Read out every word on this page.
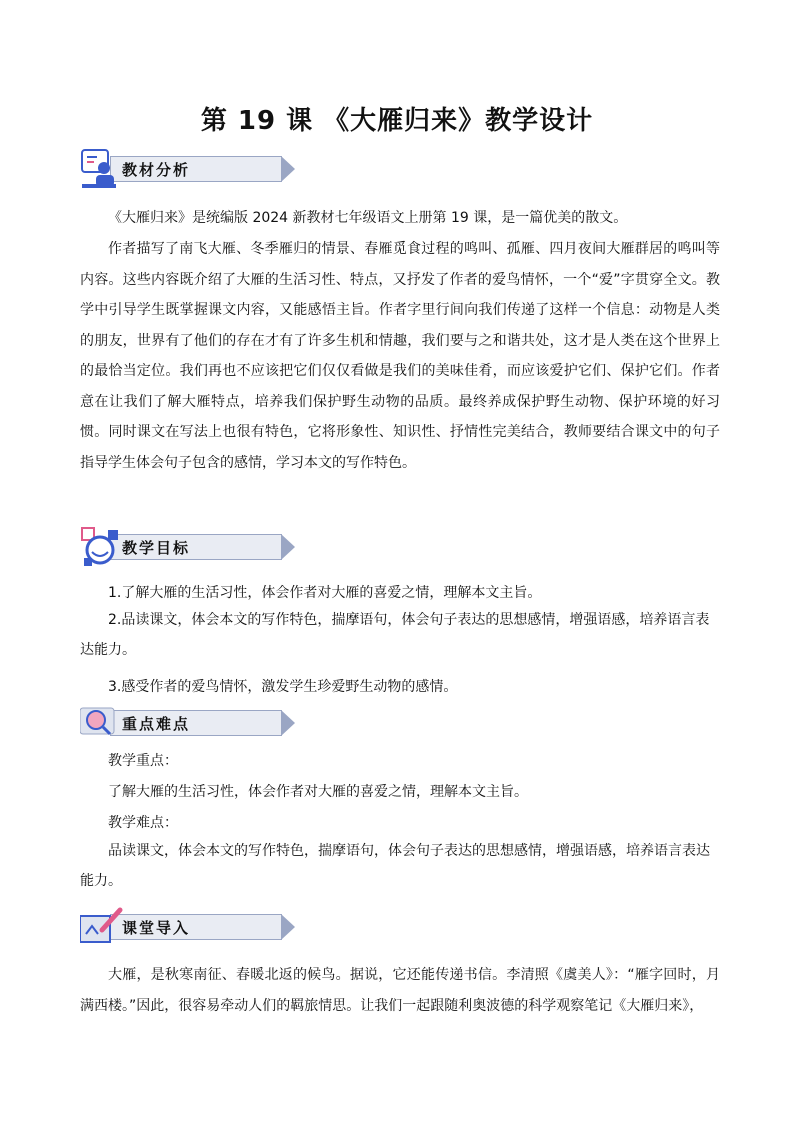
第 19 课 《大雁归来》教学设计
教材分析
《大雁归来》是统编版 2024 新教材七年级语文上册第 19 课，是一篇优美的散文。
作者描写了南飞大雁、冬季雁归的情景、春雁觅食过程的鸣叫、孤雁、四月夜间大雁群居的鸣叫等内容。这些内容既介绍了大雁的生活习性、特点，又抒发了作者的爱鸟情怀，一个“爱”字贯穿全文。教学中引导学生既掌握课文内容，又能感悟主旨。作者字里行间向我们传递了这样一个信息：动物是人类的朋友，世界有了他们的存在才有了许多生机和情趣，我们要与之和谐共处，这才是人类在这个世界上的最恰当定位。我们再也不应该把它们仅仅看做是我们的美味佳肴，而应该爱护它们、保护它们。作者意在让我们了解大雁特点，培养我们保护野生动物的品质。最终养成保护野生动物、保护环境的好习惯。同时课文在写法上也很有特色，它将形象性、知识性、抒情性完美结合，教师要结合课文中的句子指导学生体会句子包含的感情，学习本文的写作特色。
教学目标
1.了解大雁的生活习性，体会作者对大雁的喜爱之情，理解本文主旨。
2.品读课文，体会本文的写作特色，揣摩语句，体会句子表达的思想感情，增强语感，培养语言表达能力。
3.感受作者的爱鸟情怀，激发学生珍爱野生动物的感情。
重点难点
教学重点：
了解大雁的生活习性，体会作者对大雁的喜爱之情，理解本文主旨。
教学难点：
品读课文，体会本文的写作特色，揣摩语句，体会句子表达的思想感情，增强语感，培养语言表达能力。
课堂导入
大雁，是秋寒南征、春暖北返的候鸟。据说，它还能传递书信。李清照《虞美人》：“雁字回时，月满西楼。”因此，很容易牵动人们的羁旅情思。让我们一起跟随利奥波德的科学观察笔记《大雁归来》，
